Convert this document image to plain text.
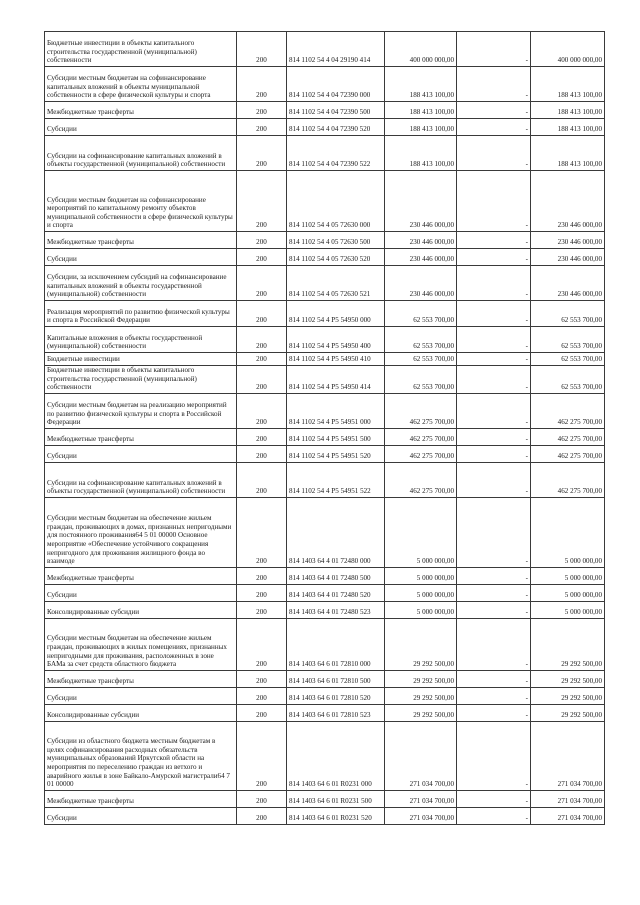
Бюджетные инвестиции в объекты капитального строительства государственной (муниципальной) собственности	200	814 1102 54 4 04 29190 414	400 000 000,00	-	400 000 000,00
Субсидии местным бюджетам на софинансирование капитальных вложений в объекты муниципальной собственности в сфере физической культуры и спорта	200	814 1102 54 4 04 72390 000	188 413 100,00	-	188 413 100,00
Межбюджетные трансферты	200	814 1102 54 4 04 72390 500	188 413 100,00	-	188 413 100,00
Субсидии	200	814 1102 54 4 04 72390 520	188 413 100,00	-	188 413 100,00
Субсидии на софинансирование капитальных вложений в объекты государственной (муниципальной) собственности	200	814 1102 54 4 04 72390 522	188 413 100,00	-	188 413 100,00
Субсидии местным бюджетам на софинансирование мероприятий по капитальному ремонту объектов муниципальной собственности в сфере физической культуры и спорта	200	814 1102 54 4 05 72630 000	230 446 000,00	-	230 446 000,00
Межбюджетные трансферты	200	814 1102 54 4 05 72630 500	230 446 000,00	-	230 446 000,00
Субсидии	200	814 1102 54 4 05 72630 520	230 446 000,00	-	230 446 000,00
Субсидии, за исключением субсидий на софинансирование капитальных вложений в объекты государственной (муниципальной) собственности	200	814 1102 54 4 05 72630 521	230 446 000,00	-	230 446 000,00
Реализация мероприятий по развитию физической культуры и спорта в Российской Федерации	200	814 1102 54 4 P5 54950 000	62 553 700,00	-	62 553 700,00
Капитальные вложения в объекты государственной (муниципальной) собственности	200	814 1102 54 4 P5 54950 400	62 553 700,00	-	62 553 700,00
Бюджетные инвестиции	200	814 1102 54 4 P5 54950 410	62 553 700,00	-	62 553 700,00
Бюджетные инвестиции в объекты капитального строительства государственной (муниципальной) собственности	200	814 1102 54 4 P5 54950 414	62 553 700,00	-	62 553 700,00
Субсидии местным бюджетам на реализацию мероприятий по развитию физической культуры и спорта в Российской Федерации	200	814 1102 54 4 P5 54951 000	462 275 700,00	-	462 275 700,00
Межбюджетные трансферты	200	814 1102 54 4 P5 54951 500	462 275 700,00	-	462 275 700,00
Субсидии	200	814 1102 54 4 P5 54951 520	462 275 700,00	-	462 275 700,00
Субсидии на софинансирование капитальных вложений в объекты государственной (муниципальной) собственности	200	814 1102 54 4 P5 54951 522	462 275 700,00	-	462 275 700,00
Субсидии местным бюджетам на обеспечение жильем граждан, проживающих в домах, признанных непригодными для постоянного проживания64 5 01 00000 Основное мероприятие «Обеспечение устойчивого сокращения непригодного для проживания жилищного фонда во взаимоде	200	814 1403 64 4 01 72480 000	5 000 000,00	-	5 000 000,00
Межбюджетные трансферты	200	814 1403 64 4 01 72480 500	5 000 000,00	-	5 000 000,00
Субсидии	200	814 1403 64 4 01 72480 520	5 000 000,00	-	5 000 000,00
Консолидированные субсидии	200	814 1403 64 4 01 72480 523	5 000 000,00	-	5 000 000,00
Субсидии местным бюджетам на обеспечение жильем граждан, проживающих в жилых помещениях, признанных непригодными для проживания, расположенных в зоне БАМа за счет средств областного бюджета	200	814 1403 64 6 01 72810 000	29 292 500,00	-	29 292 500,00
Межбюджетные трансферты	200	814 1403 64 6 01 72810 500	29 292 500,00	-	29 292 500,00
Субсидии	200	814 1403 64 6 01 72810 520	29 292 500,00	-	29 292 500,00
Консолидированные субсидии	200	814 1403 64 6 01 72810 523	29 292 500,00	-	29 292 500,00
Субсидии из областного бюджета местным бюджетам в целях софинансирования расходных обязательств муниципальных образований Иркутской области на мероприятия по переселению граждан из ветхого и аварийного жилья в зоне Байкало-Амурской магистрали64 7 01 00000	200	814 1403 64 6 01 R0231 000	271 034 700,00	-	271 034 700,00
Межбюджетные трансферты	200	814 1403 64 6 01 R0231 500	271 034 700,00	-	271 034 700,00
Субсидии	200	814 1403 64 6 01 R0231 520	271 034 700,00	-	271 034 700,00
